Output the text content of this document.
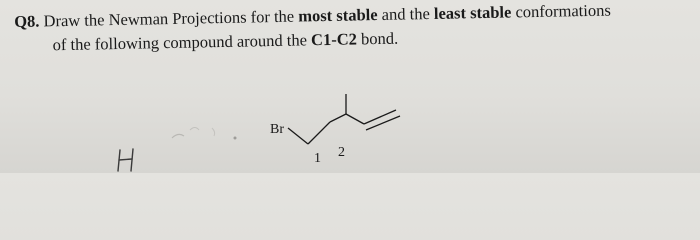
Q8. Draw the Newman Projections for the most stable and the least stable conformations
of the following compound around the C1-C2 bond.
Br
1 2
